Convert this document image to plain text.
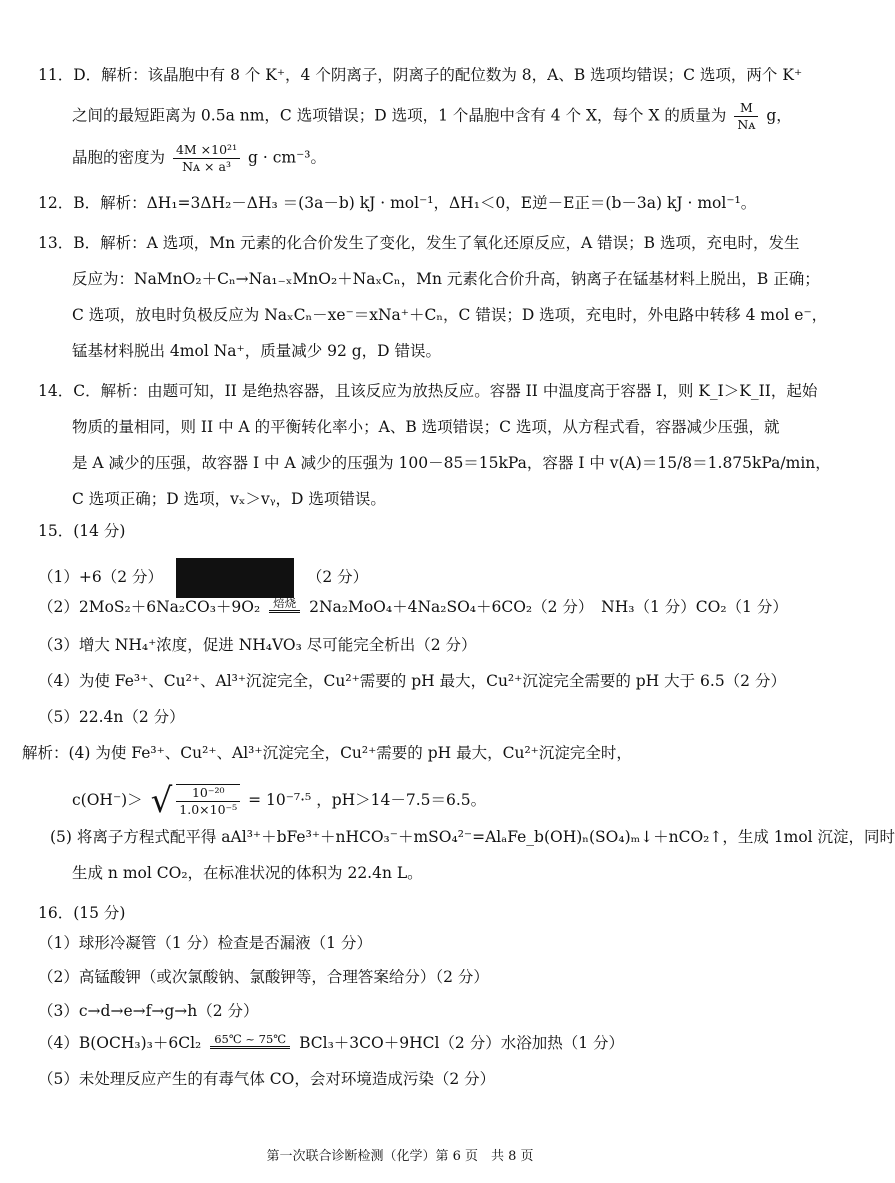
11．D．解析：该晶胞中有 8 个 K⁺，4 个阴离子，阴离子的配位数为 8，A、B 选项均错误；C 选项，两个 K⁺
之间的最短距离为 0.5a nm，C 选项错误；D 选项，1 个晶胞中含有 4 个 X，每个 X 的质量为 $\frac{M}{\text{Nᴀ}}$ g，
晶胞的密度为 $\frac{\text{4M ×10²¹}}{\text{Nᴀ × a³}}$ g · cm⁻³。
12．B．解析：ΔH₁=3ΔH₂－ΔH₃ ＝(3a－b) kJ · mol⁻¹，ΔH₁＜0，E逆－E正＝(b－3a) kJ · mol⁻¹。
13．B．解析：A 选项，Mn 元素的化合价发生了变化，发生了氧化还原反应，A 错误；B 选项，充电时，发生
反应为：NaMnO₂＋Cₙ→Na₁₋ₓMnO₂＋NaₓCₙ，Mn 元素化合价升高，钠离子在锰基材料上脱出，B 正确；
C 选项，放电时负极反应为 NaₓCₙ－xe⁻＝xNa⁺＋Cₙ，C 错误；D 选项，充电时，外电路中转移 4 mol e⁻，
锰基材料脱出 4mol Na⁺，质量减少 92 g，D 错误。
14．C．解析：由题可知，II 是绝热容器，且该反应为放热反应。容器 II 中温度高于容器 I，则 K_I＞K_II，起始
物质的量相同，则 II 中 A 的平衡转化率小；A、B 选项错误；C 选项，从方程式看，容器减少压强，就
是 A 减少的压强，故容器 I 中 A 减少的压强为 100－85＝15kPa，容器 I 中 v(A)＝15/8＝1.875kPa/min，
C 选项正确；D 选项，vₓ＞vᵧ，D 选项错误。
15．(14 分)
（1）+6（2 分）	（2 分）
（2）2MoS₂＋6Na₂CO₃＋9O₂	焙烧 2Na₂MoO₄＋4Na₂SO₄＋6CO₂（2 分）　NH₃（1 分）CO₂（1 分）
（3）增大 NH₄⁺浓度，促进 NH₄VO₃ 尽可能完全析出（2 分）
（4）为使 Fe³⁺、Cu²⁺、Al³⁺沉淀完全，Cu²⁺需要的 pH 最大，Cu²⁺沉淀完全需要的 pH 大于 6.5（2 分）
（5）22.4n（2 分）
解析：(4) 为使 Fe³⁺、Cu²⁺、Al³⁺沉淀完全，Cu²⁺需要的 pH 最大，Cu²⁺沉淀完全时，
c(OH⁻)＞ √ $\frac{\text{10⁻²⁰}}{\text{1.0×10⁻⁵}} = 10^{-7}\cdot^5$ ，pH＞14－7.5＝6.5。
(5) 将离子方程式配平得 aAl³⁺＋bFe³⁺＋nHCO₃⁻＋mSO₄²⁻=AlₐFe_b(OH)ₙ(SO₄)ₘ↓＋nCO₂↑，生成 1mol 沉淀，同时
生成 n mol CO₂，在标准状况的体积为 22.4n L。
16．(15 分)
（1）球形冷凝管（1 分）检查是否漏液（1 分）
（2）高锰酸钾（或次氯酸钠、氯酸钾等，合理答案给分）（2 分）
（3）c→d→e→f→g→h（2 分）
（4）B(OCH₃)₃＋6Cl₂	65℃ ~ 75℃ BCl₃＋3CO＋9HCl（2 分）水浴加热（1 分）
（5）未处理反应产生的有毒气体 CO，会对环境造成污染（2 分）
第一次联合诊断检测（化学）第 6 页　共 8 页
